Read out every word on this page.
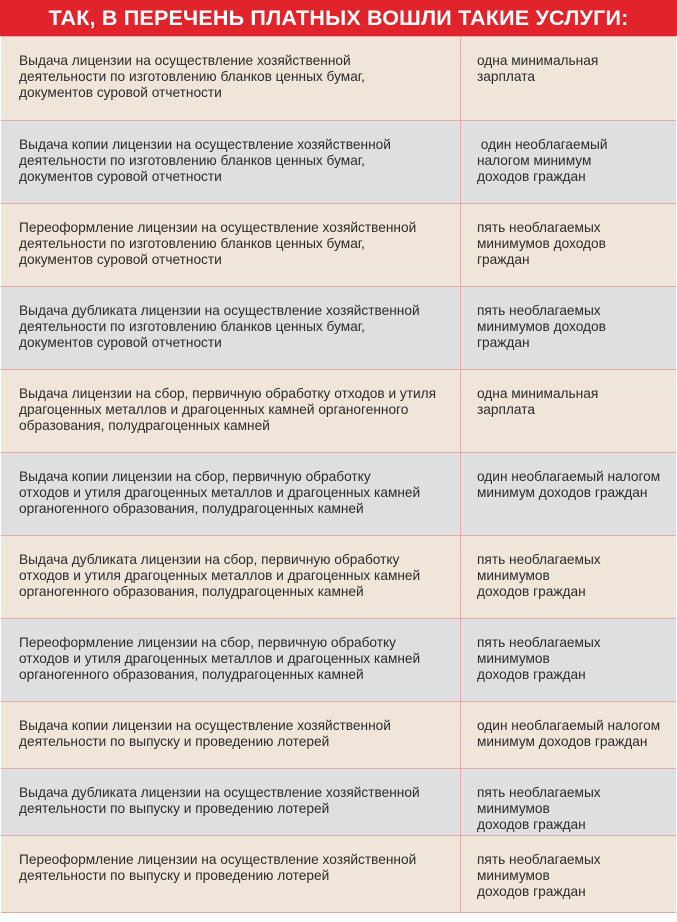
ТАК, В ПЕРЕЧЕНЬ ПЛАТНЫХ ВОШЛИ ТАКИЕ УСЛУГИ:
Выдача лицензии на осуществление хозяйственной
деятельности по изготовлению бланков ценных бумаг,
документов суровой отчетности
одна минимальная
зарплата
Выдача копии лицензии на осуществление хозяйственной
деятельности по изготовлению бланков ценных бумаг,
документов суровой отчетности
один необлагаемый
налогом минимум
доходов граждан
Переоформление лицензии на осуществление хозяйственной
деятельности по изготовлению бланков ценных бумаг,
документов суровой отчетности
пять необлагаемых
минимумов доходов
граждан
Выдача дубликата лицензии на осуществление хозяйственной
деятельности по изготовлению бланков ценных бумаг,
документов суровой отчетности
пять необлагаемых
минимумов доходов
граждан
Выдача лицензии на сбор, первичную обработку отходов и утиля
драгоценных металлов и драгоценных камней органогенного
образования, полудрагоценных камней
одна минимальная
зарплата
Выдача копии лицензии на сбор, первичную обработку
отходов и утиля драгоценных металлов и драгоценных камней
органогенного образования, полудрагоценных камней
один необлагаемый налогом
минимум доходов граждан
Выдача дубликата лицензии на сбор, первичную обработку
отходов и утиля драгоценных металлов и драгоценных камней
органогенного образования, полудрагоценных камней
пять необлагаемых
минимумов
доходов граждан
Переоформление лицензии на сбор, первичную обработку
отходов и утиля драгоценных металлов и драгоценных камней
органогенного образования, полудрагоценных камней
пять необлагаемых
минимумов
доходов граждан
Выдача копии лицензии на осуществление хозяйственной
деятельности по выпуску и проведению лотерей
один необлагаемый налогом
минимум доходов граждан
Выдача дубликата лицензии на осуществление хозяйственной
деятельности по выпуску и проведению лотерей
пять необлагаемых
минимумов
доходов граждан
Переоформление лицензии на осуществление хозяйственной
деятельности по выпуску и проведению лотерей
пять необлагаемых
минимумов
доходов граждан
